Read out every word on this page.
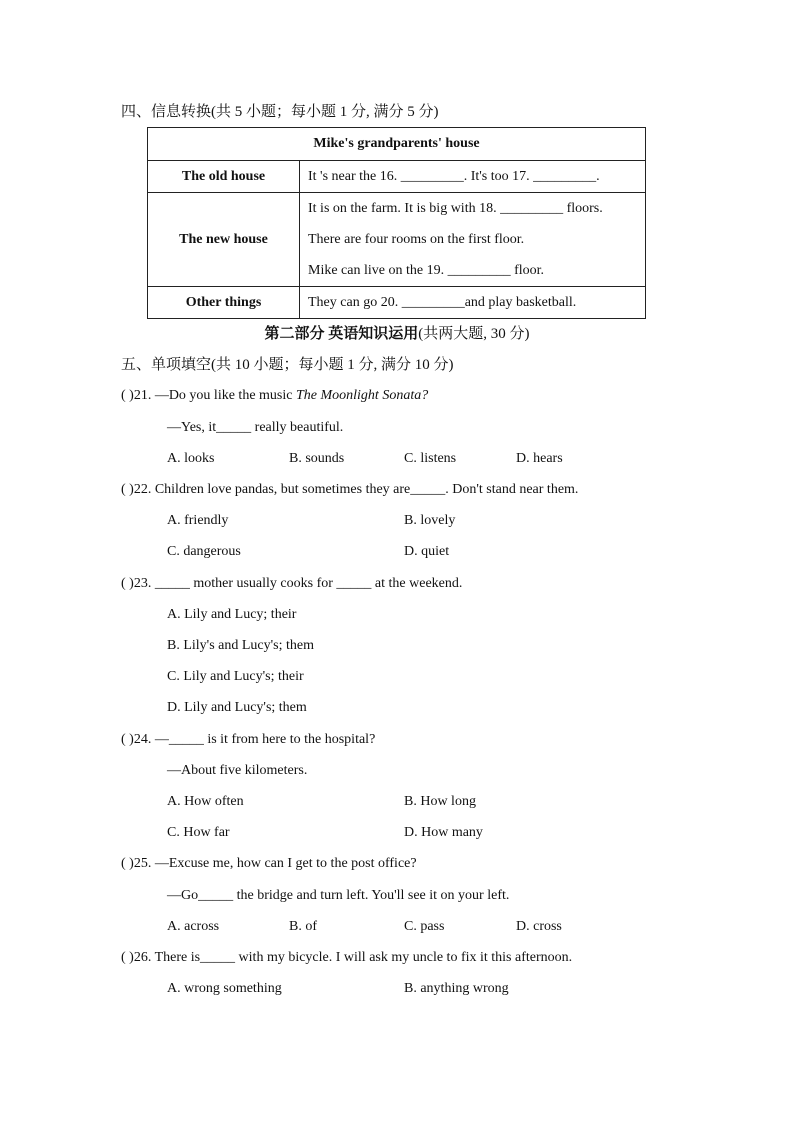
四、信息转换(共 5 小题；每小题 1 分, 满分 5 分)
Mike's grandparents' house	
The old house	It 's near the 16. _________. It's too 17. _________.
The new house	It is on the farm. It is big with 18. _________ floors.
There are four rooms on the first floor.
Mike can live on the 19. _________ floor.

Other things	They can go 20. _________and play basketball.
第二部分 英语知识运用(共两大题, 30 分)
五、单项填空(共 10 小题；每小题 1 分, 满分 10 分)
( )21. —Do you like the music The Moonlight Sonata?
—Yes, it_____ really beautiful.
A. looks	B. sounds	C. listens	D. hears
( )22. Children love pandas, but sometimes they are_____. Don't stand near them.
A. friendly	B. lovely
C. dangerous	D. quiet
( )23. _____ mother usually cooks for _____ at the weekend.
A. Lily and Lucy; their
B. Lily's and Lucy's; them
C. Lily and Lucy's; their
D. Lily and Lucy's; them
( )24. —_____ is it from here to the hospital?
—About five kilometers.
A. How often	B. How long
C. How far	D. How many
( )25. —Excuse me, how can I get to the post office?
—Go_____ the bridge and turn left. You'll see it on your left.
A. across	B. of	C. pass	D. cross
( )26. There is_____ with my bicycle. I will ask my uncle to fix it this afternoon.
A. wrong something	B. anything wrong
